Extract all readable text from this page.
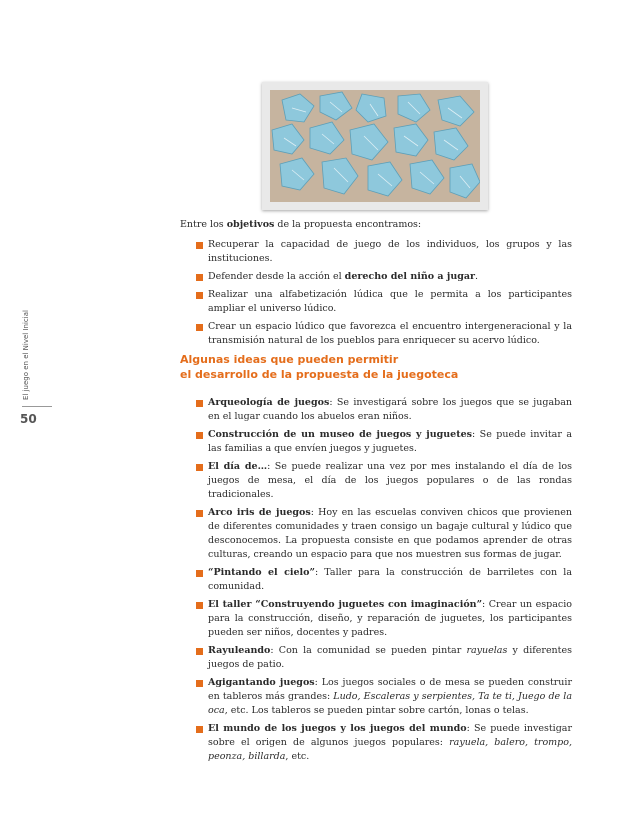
El juego en el Nivel Inicial
50

Entre los objetivos de la propuesta encontramos:

Recuperar la capacidad de juego de los individuos, los grupos y las instituciones.
Defender desde la acción el derecho del niño a jugar.
Realizar una alfabetización lúdica que le permita a los participantes ampliar el universo lúdico.
Crear un espacio lúdico que favorezca el encuentro intergeneracional y la transmisión natural de los pueblos para enriquecer su acervo lúdico.
Algunas ideas que pueden permitir
el desarrollo de la propuesta de la juegoteca
Arqueología de juegos: Se investigará sobre los juegos que se jugaban en el lugar cuando los abuelos eran niños.
Construcción de un museo de juegos y juguetes: Se puede invitar a las familias a que envíen juegos y juguetes.
El día de…: Se puede realizar una vez por mes instalando el día de los juegos de mesa, el día de los juegos populares o de las rondas tradicionales.
Arco iris de juegos: Hoy en las escuelas conviven chicos que provienen de diferentes comunidades y traen consigo un bagaje cultural y lúdico que desconocemos. La propuesta consiste en que podamos aprender de otras culturas, creando un espacio para que nos muestren sus formas de jugar.
“Pintando el cielo”: Taller para la construcción de barriletes con la comunidad.
El taller “Construyendo juguetes con imaginación”: Crear un espacio para la construcción, diseño, y reparación de juguetes, los participantes pueden ser niños, docentes y padres.
Rayuleando: Con la comunidad se pueden pintar rayuelas y diferentes juegos de patio.
Agigantando juegos: Los juegos sociales o de mesa se pueden construir en tableros más grandes: Ludo, Escaleras y serpientes, Ta te ti, Juego de la oca, etc. Los tableros se pueden pintar sobre cartón, lonas o telas.
El mundo de los juegos y los juegos del mundo: Se puede investigar sobre el origen de algunos juegos populares: rayuela, balero, trompo, peonza, billarda, etc.
